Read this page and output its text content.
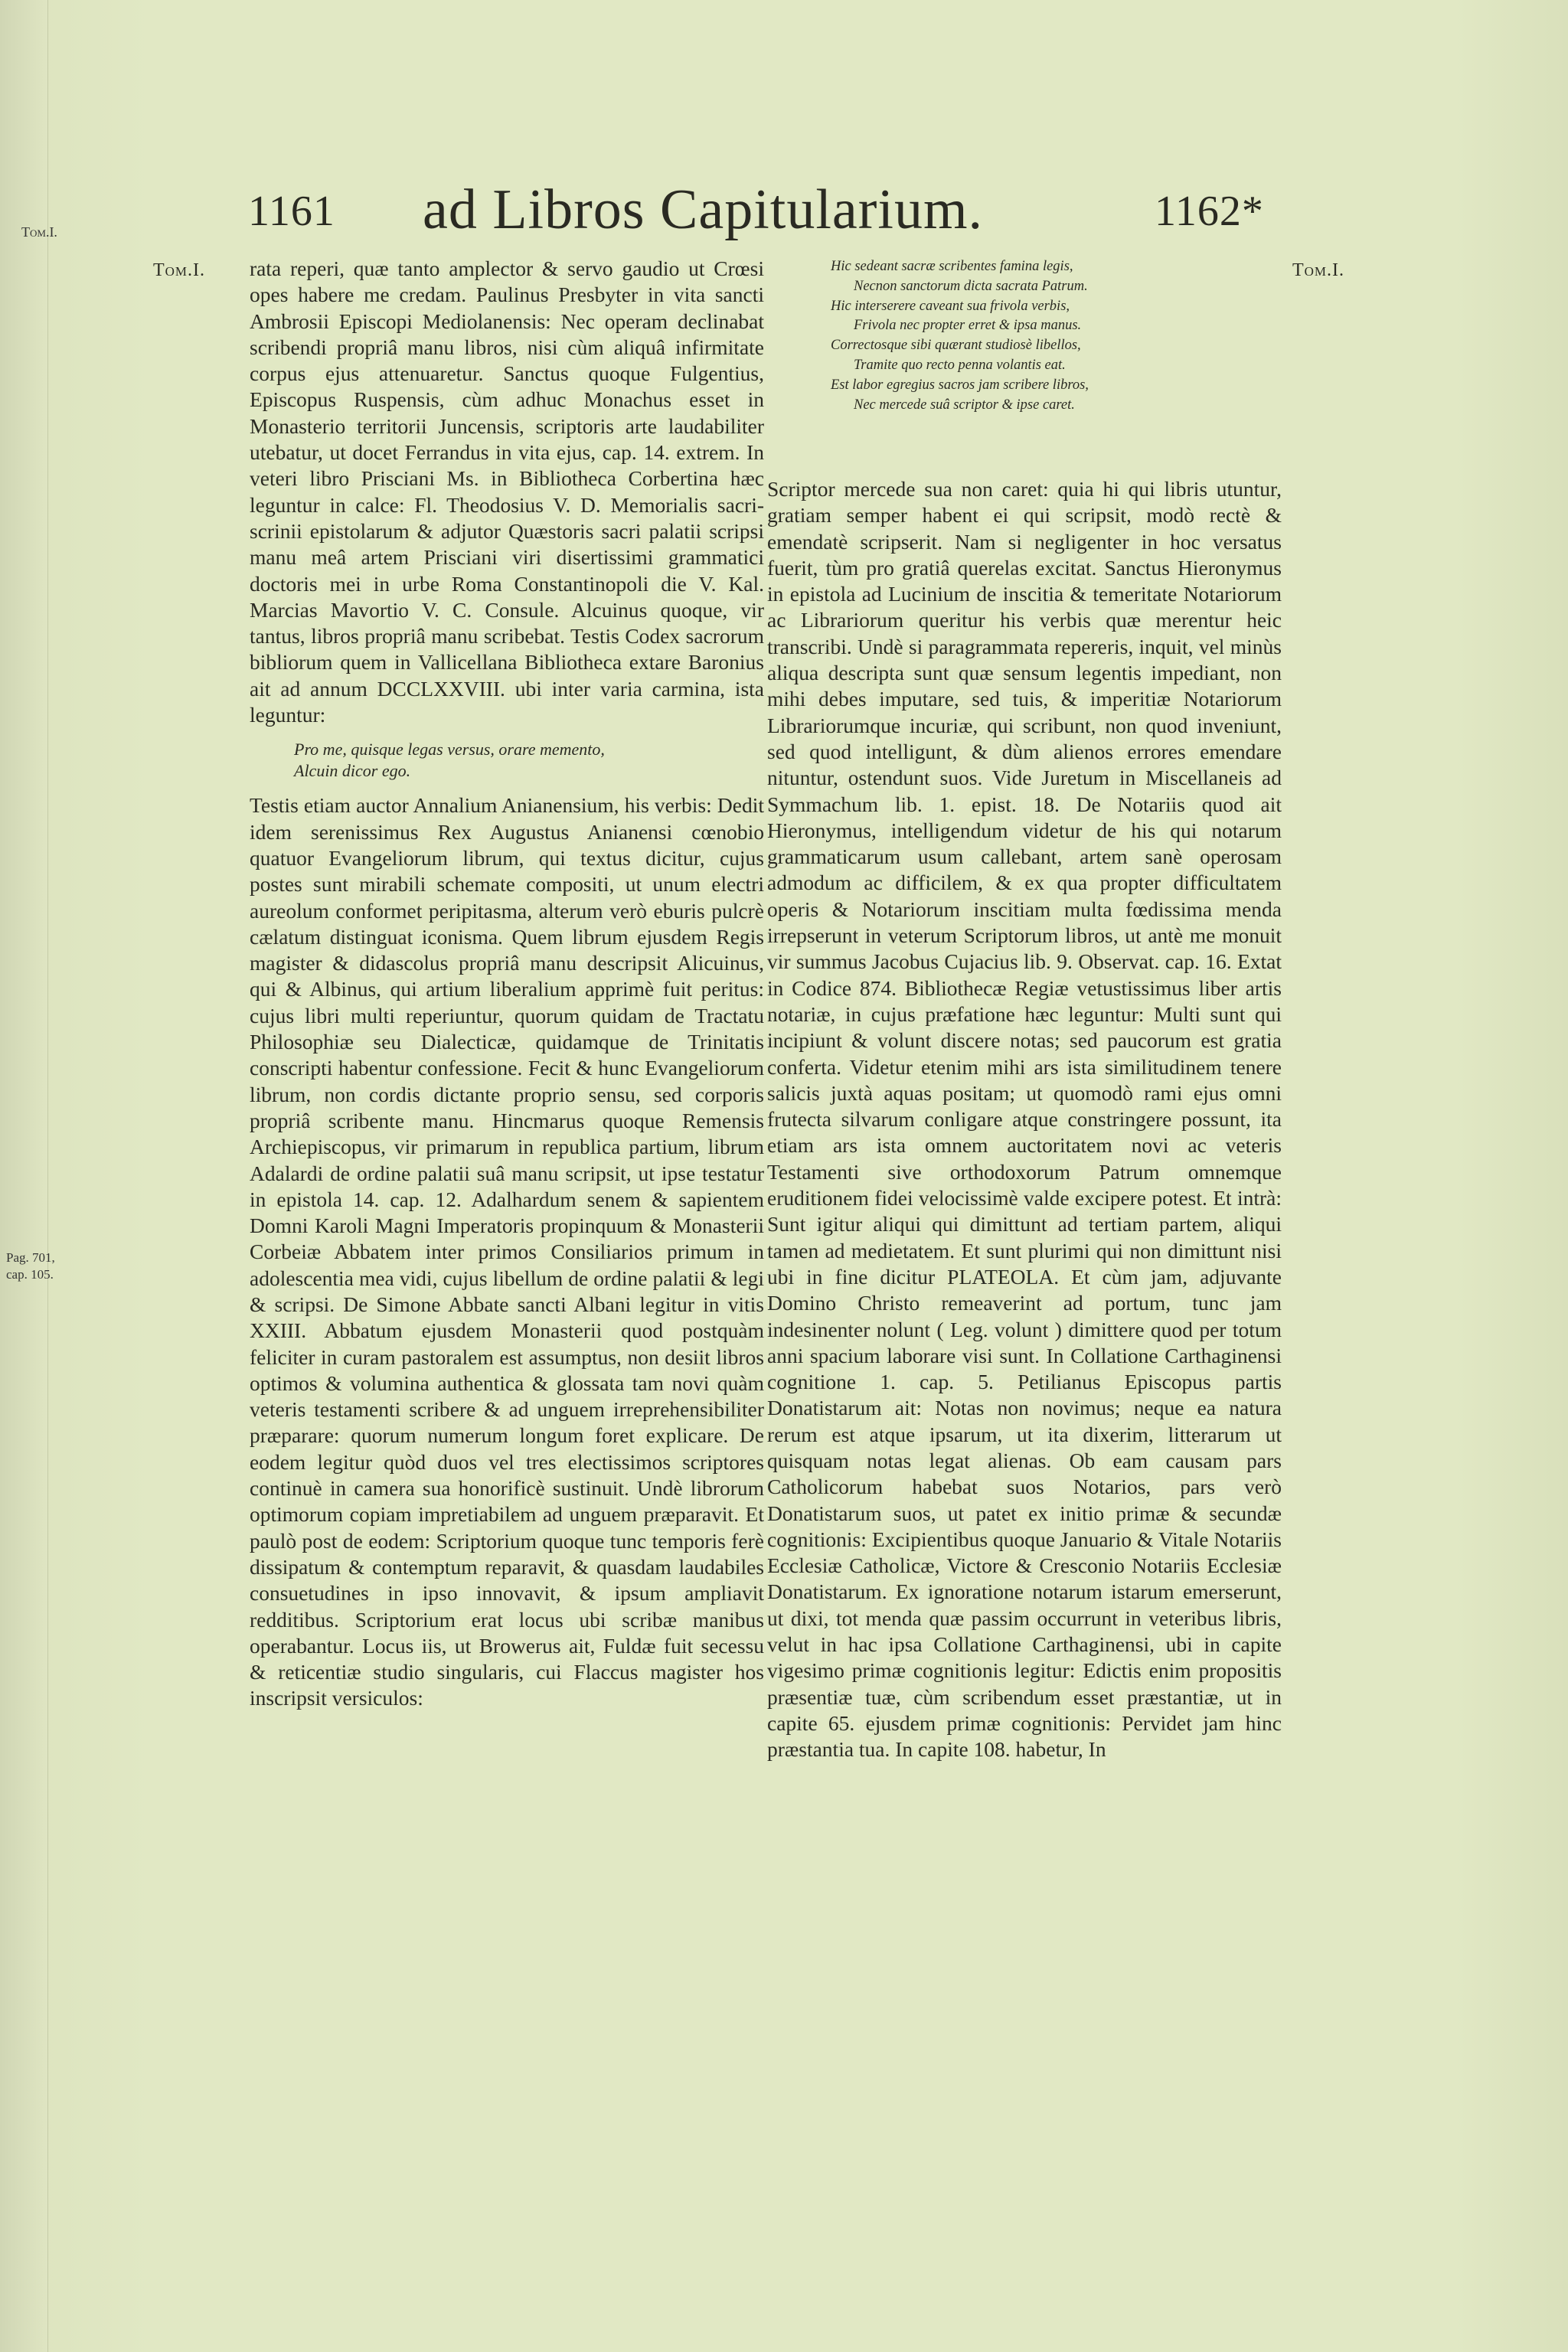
Tom.I.	1161 ad Libros Capitularium.	1162*
Tom.I.	Tom.I.
Pag. 701,
cap. 105.

rata reperi, quæ tanto amplector & servo gaudio ut Crœsi opes habere me credam. Paulinus Presbyter in vita sancti Ambrosii Episcopi Mediolanensis: Nec operam declinabat scribendi propriâ manu libros, nisi cùm aliquâ infirmitate corpus ejus attenuaretur. Sanctus quoque Fulgentius, Episcopus Ruspensis, cùm adhuc Monachus esset in Monasterio territorii Juncensis, scriptoris arte laudabiliter utebatur, ut docet Ferrandus in vita ejus, cap. 14. extrem. In veteri libro Prisciani Ms. in Bibliotheca Corbertina hæc leguntur in calce: Fl. Theodosius V. D. Memorialis sacri-scrinii epistolarum & adjutor Quæstoris sacri palatii scripsi manu meâ artem Prisciani viri disertissimi grammatici doctoris mei in urbe Roma Constantinopoli die V. Kal. Marcias Mavortio V. C. Consule. Alcuinus quoque, vir tantus, libros propriâ manu scribebat. Testis Codex sacrorum bibliorum quem in Vallicellana Bibliotheca extare Baronius ait ad annum DCCLXXVIII. ubi inter varia carmina, ista leguntur:

Pro me, quisque legas versus, orare memento,
Alcuin dicor ego.

Testis etiam auctor Annalium Anianensium, his verbis: Dedit idem serenissimus Rex Augustus Anianensi cœnobio quatuor Evangeliorum librum, qui textus dicitur, cujus postes sunt mirabili schemate compositi, ut unum electri aureolum conformet peripitasma, alterum verò eburis pulcrè cælatum distinguat iconisma. Quem librum ejusdem Regis magister & didascolus propriâ manu descripsit Alicuinus, qui & Albinus, qui artium liberalium apprimè fuit peritus: cujus libri multi reperiuntur, quorum quidam de Tractatu Philosophiæ seu Dialecticæ, quidamque de Trinitatis conscripti habentur confessione. Fecit & hunc Evangeliorum librum, non cordis dictante proprio sensu, sed corporis propriâ scribente manu. Hincmarus quoque Remensis Archiepiscopus, vir primarum in republica partium, librum Adalardi de ordine palatii suâ manu scripsit, ut ipse testatur in epistola 14. cap. 12. Adalhardum senem & sapientem Domni Karoli Magni Imperatoris propinquum & Monasterii Corbeiæ Abbatem inter primos Consiliarios primum in adolescentia mea vidi, cujus libellum de ordine palatii & legi & scripsi. De Simone Abbate sancti Albani legitur in vitis XXIII. Abbatum ejusdem Monasterii quod postquàm feliciter in curam pastoralem est assumptus, non desiit libros optimos & volumina authentica & glossata tam novi quàm veteris testamenti scribere & ad unguem irreprehensibiliter præparare: quorum numerum longum foret explicare. De eodem legitur quòd duos vel tres electissimos scriptores continuè in camera sua honorificè sustinuit. Undè librorum optimorum copiam impretiabilem ad unguem præparavit. Et paulò post de eodem: Scriptorium quoque tunc temporis ferè dissipatum & contemptum reparavit, & quasdam laudabiles consuetudines in ipso innovavit, & ipsum ampliavit redditibus. Scriptorium erat locus ubi scribæ manibus operabantur. Locus iis, ut Browerus ait, Fuldæ fuit secessu & reticentiæ studio singularis, cui Flaccus magister hos inscripsit versiculos:

Hic sedeant sacræ scribentes famina legis,
Necnon sanctorum dicta sacrata Patrum.
Hic interserere caveant sua frivola verbis,
Frivola nec propter erret & ipsa manus.
Correctosque sibi quærant studiosè libellos,
Tramite quo recto penna volantis eat.
Est labor egregius sacros jam scribere libros,
Nec mercede suâ scriptor & ipse caret.

Scriptor mercede sua non caret: quia hi qui libris utuntur, gratiam semper habent ei qui scripsit, modò rectè & emendatè scripserit. Nam si negligenter in hoc versatus fuerit, tùm pro gratiâ querelas excitat. Sanctus Hieronymus in epistola ad Lucinium de inscitia & temeritate Notariorum ac Librariorum queritur his verbis quæ merentur heic transcribi. Undè si paragrammata repereris, inquit, vel minùs aliqua descripta sunt quæ sensum legentis impediant, non mihi debes imputare, sed tuis, & imperitiæ Notariorum Librariorumque incuriæ, qui scribunt, non quod inveniunt, sed quod intelligunt, & dùm alienos errores emendare nituntur, ostendunt suos. Vide Juretum in Miscellaneis ad Symmachum lib. 1. epist. 18. De Notariis quod ait Hieronymus, intelligendum videtur de his qui notarum grammaticarum usum callebant, artem sanè operosam admodum ac difficilem, & ex qua propter difficultatem operis & Notariorum inscitiam multa fœdissima menda irrepserunt in veterum Scriptorum libros, ut antè me monuit vir summus Jacobus Cujacius lib. 9. Observat. cap. 16. Extat in Codice 874. Bibliothecæ Regiæ vetustissimus liber artis notariæ, in cujus præfatione hæc leguntur: Multi sunt qui incipiunt & volunt discere notas; sed paucorum est gratia conferta. Videtur etenim mihi ars ista similitudinem tenere salicis juxtà aquas positam; ut quomodò rami ejus omni frutecta silvarum conligare atque constringere possunt, ita etiam ars ista omnem auctoritatem novi ac veteris Testamenti sive orthodoxorum Patrum omnemque eruditionem fidei velocissimè valde excipere potest. Et intrà: Sunt igitur aliqui qui dimittunt ad tertiam partem, aliqui tamen ad medietatem. Et sunt plurimi qui non dimittunt nisi ubi in fine dicitur PLATEOLA. Et cùm jam, adjuvante Domino Christo remeaverint ad portum, tunc jam indesinenter nolunt ( Leg. volunt ) dimittere quod per totum anni spacium laborare visi sunt. In Collatione Carthaginensi cognitione 1. cap. 5. Petilianus Episcopus partis Donatistarum ait: Notas non novimus; neque ea natura rerum est atque ipsarum, ut ita dixerim, litterarum ut quisquam notas legat alienas. Ob eam causam pars Catholicorum habebat suos Notarios, pars verò Donatistarum suos, ut patet ex initio primæ & secundæ cognitionis: Excipientibus quoque Januario & Vitale Notariis Ecclesiæ Catholicæ, Victore & Cresconio Notariis Ecclesiæ Donatistarum. Ex ignoratione notarum istarum emerserunt, ut dixi, tot menda quæ passim occurrunt in veteribus libris, velut in hac ipsa Collatione Carthaginensi, ubi in capite vigesimo primæ cognitionis legitur: Edictis enim propositis præsentiæ tuæ, cùm scribendum esset præstantiæ, ut in capite 65. ejusdem primæ cognitionis: Pervidet jam hinc præstantia tua. In capite 108. habetur, In
